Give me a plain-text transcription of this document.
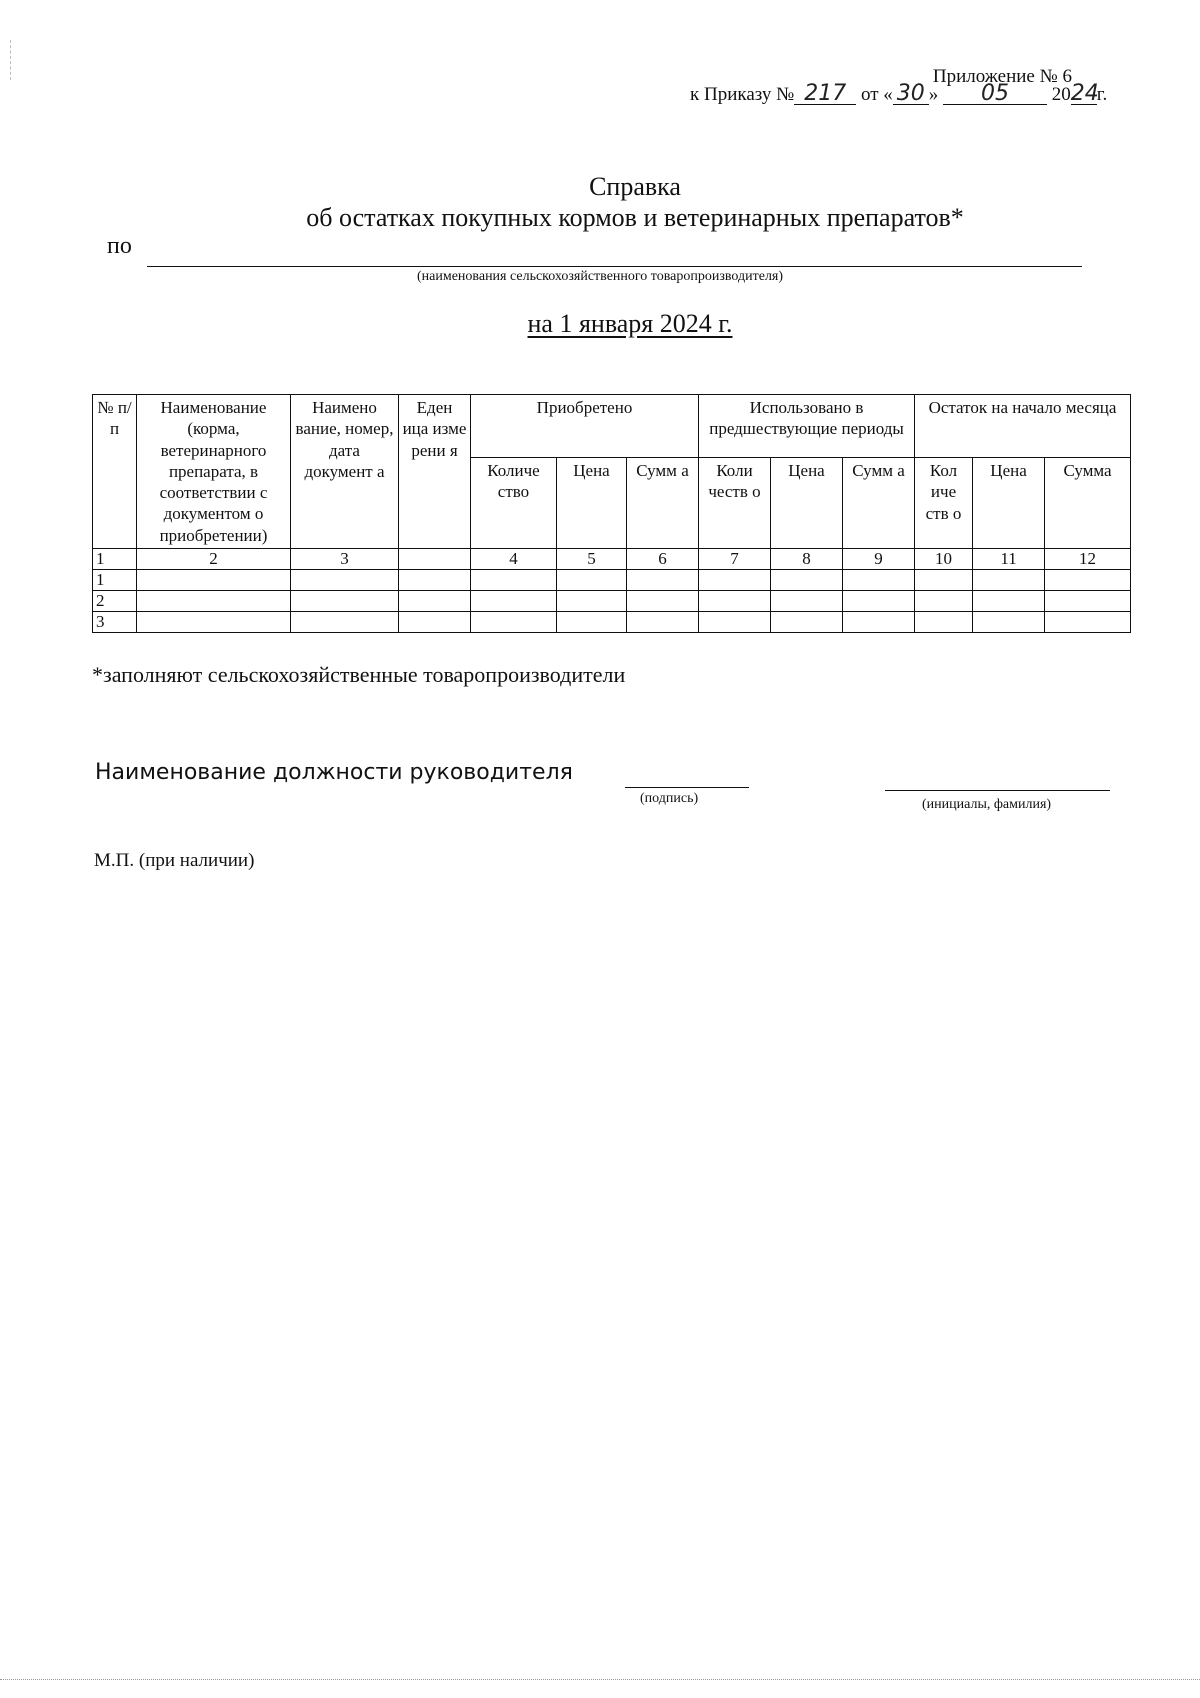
Приложение № 6
к Приказу № 217 от « 30 » 05 2024г.
Справка
об остатках покупных кормов и ветеринарных препаратов*
по
(наименования сельскохозяйственного товаропроизводителя)
на 1 января 2024 г.
№ п/ п	Наименование (корма, ветеринарного препарата, в соответствии с документом о приобретении)	Наимено вание, номер, дата документ а	Еден ица изме рени я	Приобретено			Использовано в предшествующие периоды			Остаток на начало месяца		
				Количе ство	Цена	Сумм а	Коли честв о	Цена	Сумм а	Кол иче ств о	Цена	Сумма
1	2	3		4	5	6	7	8	9	10	11	12
1												
2												
3												
*заполняют сельскохозяйственные товаропроизводители
Наименование должности руководителя
(подпись)	(инициалы, фамилия)
М.П. (при наличии)
